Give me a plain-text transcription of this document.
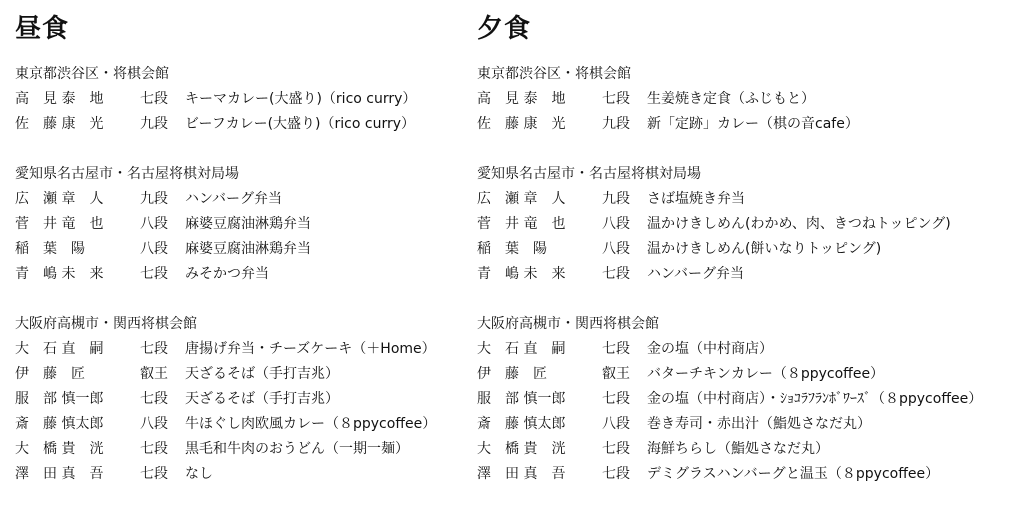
昼食
東京都渋谷区・将棋会館
高　見 泰　地	七段	キーマカレー(大盛り)（rico curry）
佐　藤 康　光	九段	ビーフカレー(大盛り)（rico curry）
愛知県名古屋市・名古屋将棋対局場
広　瀬 章　人	九段	ハンバーグ弁当
菅　井 竜　也	八段	麻婆豆腐油淋鶏弁当
稲　葉　陽	八段	麻婆豆腐油淋鶏弁当
青　嶋 未　来	七段	みそかつ弁当
大阪府高槻市・関西将棋会館
大　石 直　嗣	七段	唐揚げ弁当・チーズケーキ（＋Home）
伊　藤　匠	叡王	天ざるそば（手打吉兆）
服　部 慎一郎	七段	天ざるそば（手打吉兆）
斎　藤 慎太郎	八段	牛ほぐし肉欧風カレー（８ppycoffee）
大　橋 貴　洸	七段	黒毛和牛肉のおうどん（一期一麺）
澤　田 真　吾	七段	なし
夕食
東京都渋谷区・将棋会館
高　見 泰　地	七段	生姜焼き定食（ふじもと）
佐　藤 康　光	九段	新「定跡」カレー（棋の音cafe）
愛知県名古屋市・名古屋将棋対局場
広　瀬 章　人	九段	さば塩焼き弁当
菅　井 竜　也	八段	温かけきしめん(わかめ、肉、きつねトッピング)
稲　葉　陽	八段	温かけきしめん(餅いなりトッピング)
青　嶋 未　来	七段	ハンバーグ弁当
大阪府高槻市・関西将棋会館
大　石 直　嗣	七段	金の塩（中村商店）
伊　藤　匠	叡王	バターチキンカレー（８ppycoffee）
服　部 慎一郎	七段	金の塩（中村商店）・ｼｮｺﾗﾌﾗﾝﾎﾞﾜｰｽﾞ（８ppycoffee）
斎　藤 慎太郎	八段	巻き寿司・赤出汁（鮨処さなだ丸）
大　橋 貴　洸	七段	海鮮ちらし（鮨処さなだ丸）
澤　田 真　吾	七段	デミグラスハンバーグと温玉（８ppycoffee）
